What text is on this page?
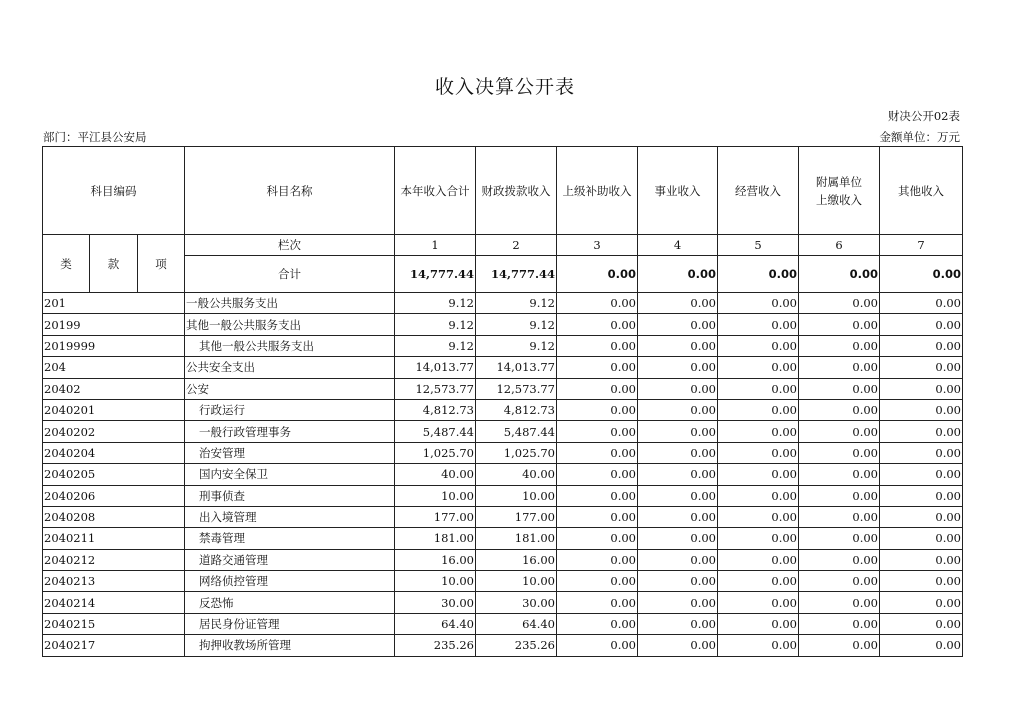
收入决算公开表
财决公开02表
部门：平江县公安局	金额单位：万元
科目编码			科目名称	本年收入合计	财政拨款收入	上级补助收入	事业收入	经营收入	附属单位上缴收入	其他收入
类	款	项	栏次	1	2	3	4	5	6	7
			合计	14,777.44	14,777.44	0.00	0.00	0.00	0.00	0.00
201			一般公共服务支出	9.12	9.12	0.00	0.00	0.00	0.00	0.00
20199			其他一般公共服务支出	9.12	9.12	0.00	0.00	0.00	0.00	0.00
2019999			其他一般公共服务支出	9.12	9.12	0.00	0.00	0.00	0.00	0.00
204			公共安全支出	14,013.77	14,013.77	0.00	0.00	0.00	0.00	0.00
20402			公安	12,573.77	12,573.77	0.00	0.00	0.00	0.00	0.00
2040201			行政运行	4,812.73	4,812.73	0.00	0.00	0.00	0.00	0.00
2040202			一般行政管理事务	5,487.44	5,487.44	0.00	0.00	0.00	0.00	0.00
2040204			治安管理	1,025.70	1,025.70	0.00	0.00	0.00	0.00	0.00
2040205			国内安全保卫	40.00	40.00	0.00	0.00	0.00	0.00	0.00
2040206			刑事侦查	10.00	10.00	0.00	0.00	0.00	0.00	0.00
2040208			出入境管理	177.00	177.00	0.00	0.00	0.00	0.00	0.00
2040211			禁毒管理	181.00	181.00	0.00	0.00	0.00	0.00	0.00
2040212			道路交通管理	16.00	16.00	0.00	0.00	0.00	0.00	0.00
2040213			网络侦控管理	10.00	10.00	0.00	0.00	0.00	0.00	0.00
2040214			反恐怖	30.00	30.00	0.00	0.00	0.00	0.00	0.00
2040215			居民身份证管理	64.40	64.40	0.00	0.00	0.00	0.00	0.00
2040217			拘押收教场所管理	235.26	235.26	0.00	0.00	0.00	0.00	0.00
